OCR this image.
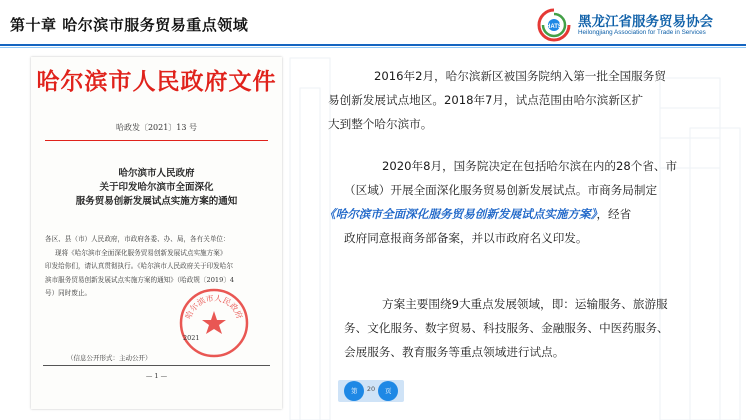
第十章 哈尔滨市服务贸易重点领域	HATS 黑龙江省服务贸易协会
Heilongjiang Association for Trade in Services
哈尔滨市人民政府文件
哈政发〔2021〕13 号
哈尔滨市人民政府
关于印发哈尔滨市全面深化
服务贸易创新发展试点实施方案的通知
各区、县（市）人民政府，市政府各委、办、局，各有关单位：
现将《哈尔滨市全面深化服务贸易创新发展试点实施方案》
印发给你们，请认真贯彻执行。《哈尔滨市人民政府关于印发哈尔
滨市服务贸易创新发展试点实施方案的通知》（哈政规〔2019〕4
号）同时废止。
哈尔滨市人民政府
2021
（信息公开形式：主动公开）
— 1 —
2016年2月，哈尔滨新区被国务院纳入第一批全国服务贸
易创新发展试点地区。2018年7月，试点范围由哈尔滨新区扩
大到整个哈尔滨市。
2020年8月，国务院决定在包括哈尔滨在内的28个省、市
（区域）开展全面深化服务贸易创新发展试点。市商务局制定
《哈尔滨市全面深化服务贸易创新发展试点实施方案》，经省
政府同意报商务部备案，并以市政府名义印发。
方案主要围绕9大重点发展领域，即：运输服务、旅游服
务、文化服务、数字贸易、科技服务、金融服务、中医药服务、
会展服务、教育服务等重点领域进行试点。
第	20	页
